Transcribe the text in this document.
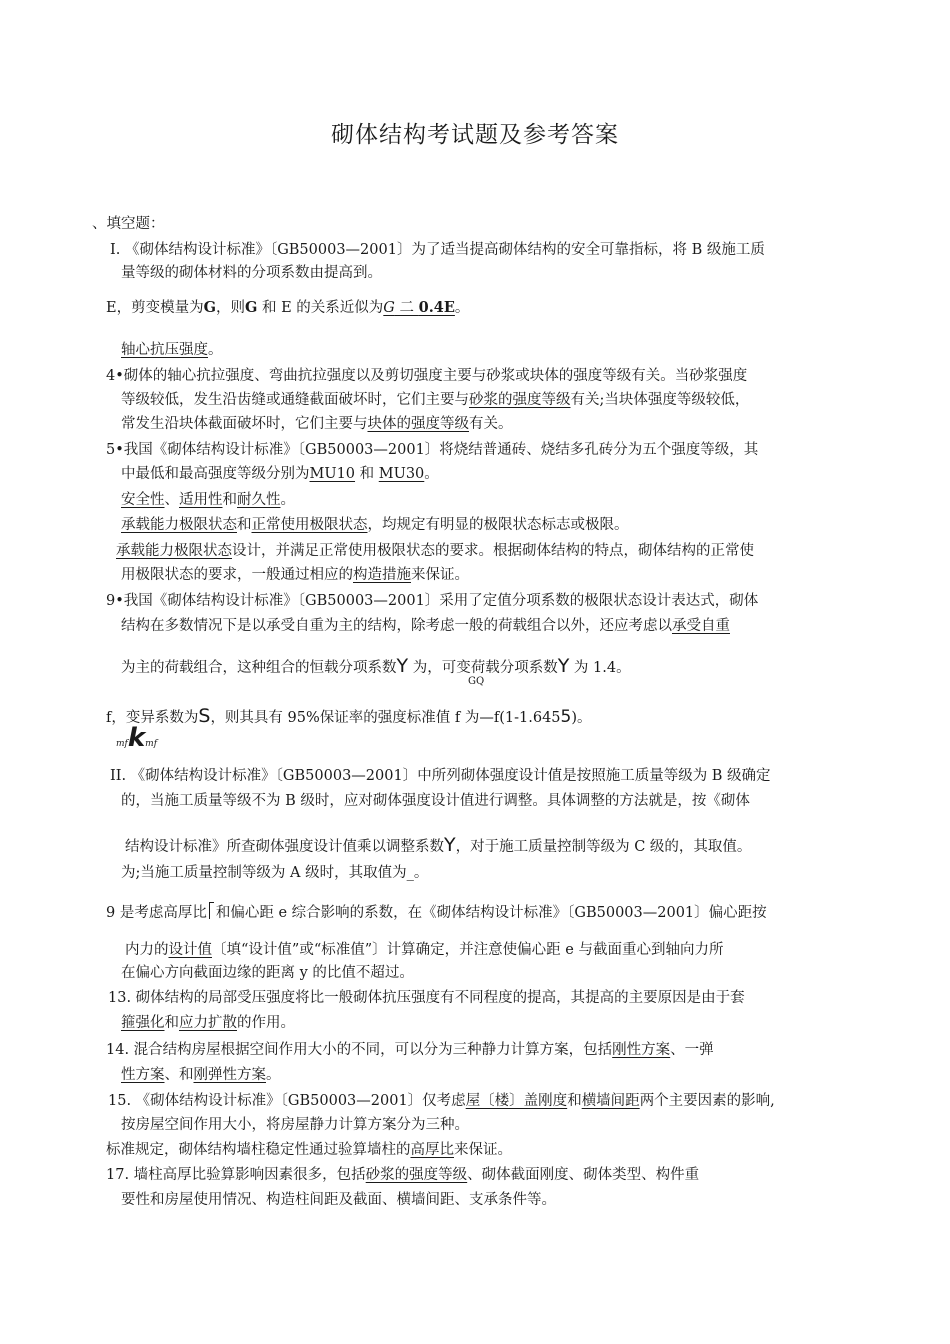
砌体结构考试题及参考答案
、填空题：
I. 《砌体结构设计标准》〔GB50003—2001〕为了适当提高砌体结构的安全可靠指标，将 B 级施工质
量等级的砌体材料的分项系数由提高到。
E，剪变模量为G，则G 和 E 的关系近似为G 二 0.4E。
轴心抗压强度。
4•砌体的轴心抗拉强度、弯曲抗拉强度以及剪切强度主要与砂浆或块体的强度等级有关。当砂浆强度
等级较低，发生沿齿缝或通缝截面破坏时，它们主要与砂浆的强度等级有关;当块体强度等级较低，
常发生沿块体截面破坏时，它们主要与块体的强度等级有关。
5•我国《砌体结构设计标准》〔GB50003—2001〕将烧结普通砖、烧结多孔砖分为五个强度等级，其
中最低和最高强度等级分别为MU10 和 MU30。
安全性、适用性和耐久性。
承载能力极限状态和正常使用极限状态，均规定有明显的极限状态标志或极限。
承载能力极限状态设计，并满足正常使用极限状态的要求。根据砌体结构的特点，砌体结构的正常使
用极限状态的要求，一般通过相应的构造措施来保证。
9•我国《砌体结构设计标准》〔GB50003—2001〕采用了定值分项系数的极限状态设计表达式，砌体
结构在多数情况下是以承受自重为主的结构，除考虑一般的荷载组合以外，还应考虑以承受自重
为主的荷载组合，这种组合的恒载分项系数Y 为，可变荷载分项系数Y 为 1.4。
GQ
f，变异系数为S，则其具有 95%保证率的强度标准值 f 为—f(1-1.6455)。
mfkmf
II. 《砌体结构设计标准》〔GB50003—2001〕中所列砌体强度设计值是按照施工质量等级为 B 级确定
的，当施工质量等级不为 B 级时，应对砌体强度设计值进行调整。具体调整的方法就是，按《砌体
结构设计标准》所查砌体强度设计值乘以调整系数Y，对于施工质量控制等级为 C 级的，其取值。
为;当施工质量控制等级为 A 级时，其取值为_。
9 是考虑高厚比 和偏心距 e 综合影响的系数，在《砌体结构设计标准》〔GB50003—2001〕偏心距按
内力的设计值〔填“设计值”或“标准值”〕计算确定，并注意使偏心距 e 与截面重心到轴向力所
在偏心方向截面边缘的距离 y 的比值不超过。
13. 砌体结构的局部受压强度将比一般砌体抗压强度有不同程度的提高，其提高的主要原因是由于套
箍强化和应力扩散的作用。
14. 混合结构房屋根据空间作用大小的不同，可以分为三种静力计算方案，包括刚性方案、一弹
性方案、和刚弹性方案。
15. 《砌体结构设计标准》〔GB50003—2001〕仅考虑屋〔楼〕盖刚度和横墙间距两个主要因素的影响,
按房屋空间作用大小，将房屋静力计算方案分为三种。
标准规定，砌体结构墙柱稳定性通过验算墙柱的高厚比来保证。
17. 墙柱高厚比验算影响因素很多，包括砂浆的强度等级、砌体截面刚度、砌体类型、构件重
要性和房屋使用情况、构造柱间距及截面、横墙间距、支承条件等。
